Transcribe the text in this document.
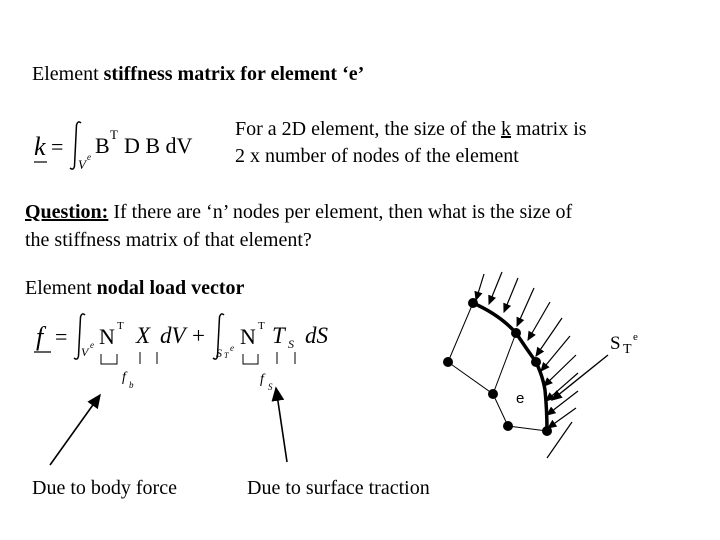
Element stiffness matrix for element ‘e’
k =
V e B T D B dV
For a 2D element, the size of the k matrix is
2 x number of nodes of the element
Question: If there are ‘n’ nodes per element, then what is the size of
the stiffness matrix of that element?
Element nodal load vector
f =
V e N T X dV +
S T
e N T T S dS
f b	f S
Due to body force	Due to surface traction
S T
e
e
